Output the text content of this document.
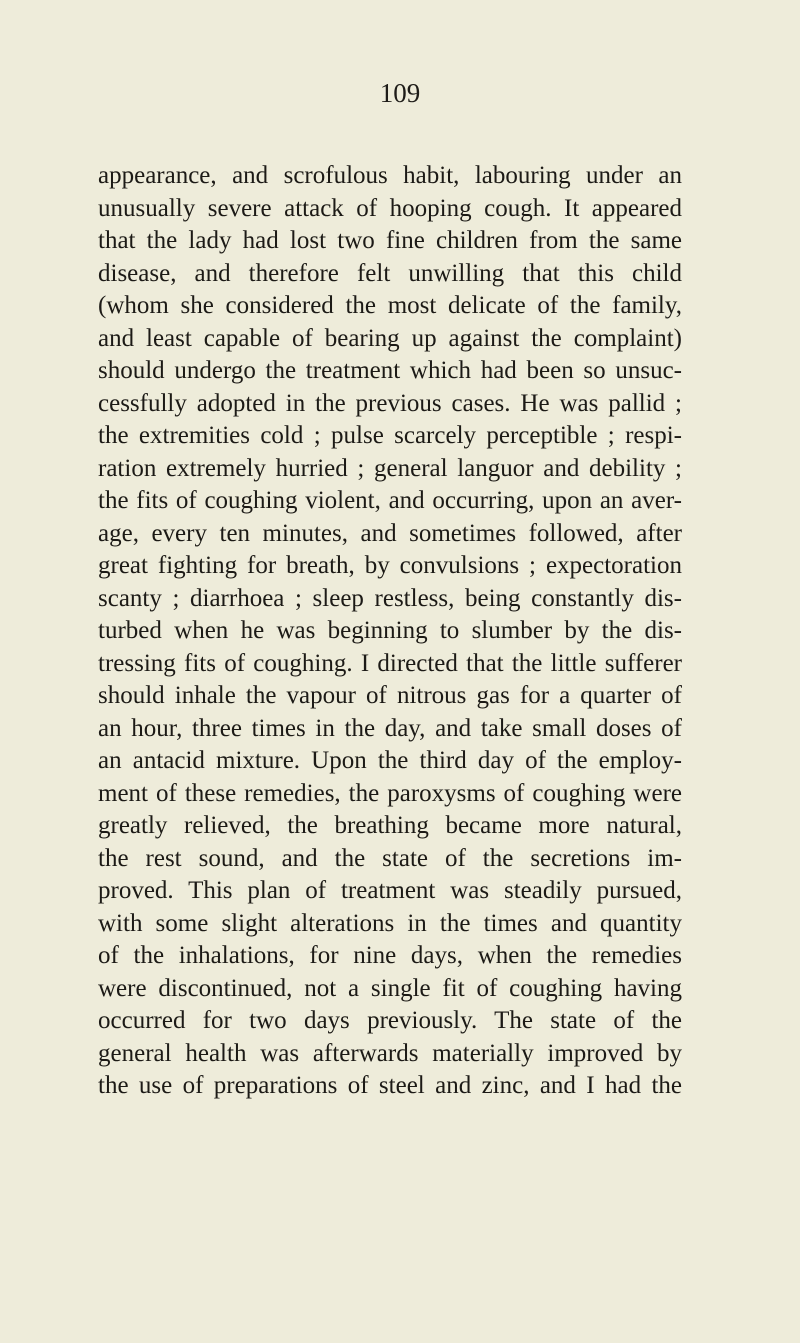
109
appearance, and scrofulous habit, labouring under an
unusually severe attack of hooping cough. It appeared
that the lady had lost two fine children from the same
disease, and therefore felt unwilling that this child
(whom she considered the most delicate of the family,
and least capable of bearing up against the complaint)
should undergo the treatment which had been so unsuc-
cessfully adopted in the previous cases. He was pallid ;
the extremities cold ; pulse scarcely perceptible ; respi-
ration extremely hurried ; general languor and debility ;
the fits of coughing violent, and occurring, upon an aver-
age, every ten minutes, and sometimes followed, after
great fighting for breath, by convulsions ; expectoration
scanty ; diarrhoea ; sleep restless, being constantly dis-
turbed when he was beginning to slumber by the dis-
tressing fits of coughing. I directed that the little sufferer
should inhale the vapour of nitrous gas for a quarter of
an hour, three times in the day, and take small doses of
an antacid mixture. Upon the third day of the employ-
ment of these remedies, the paroxysms of coughing were
greatly relieved, the breathing became more natural,
the rest sound, and the state of the secretions im-
proved. This plan of treatment was steadily pursued,
with some slight alterations in the times and quantity
of the inhalations, for nine days, when the remedies
were discontinued, not a single fit of coughing having
occurred for two days previously. The state of the
general health was afterwards materially improved by
the use of preparations of steel and zinc, and I had the
